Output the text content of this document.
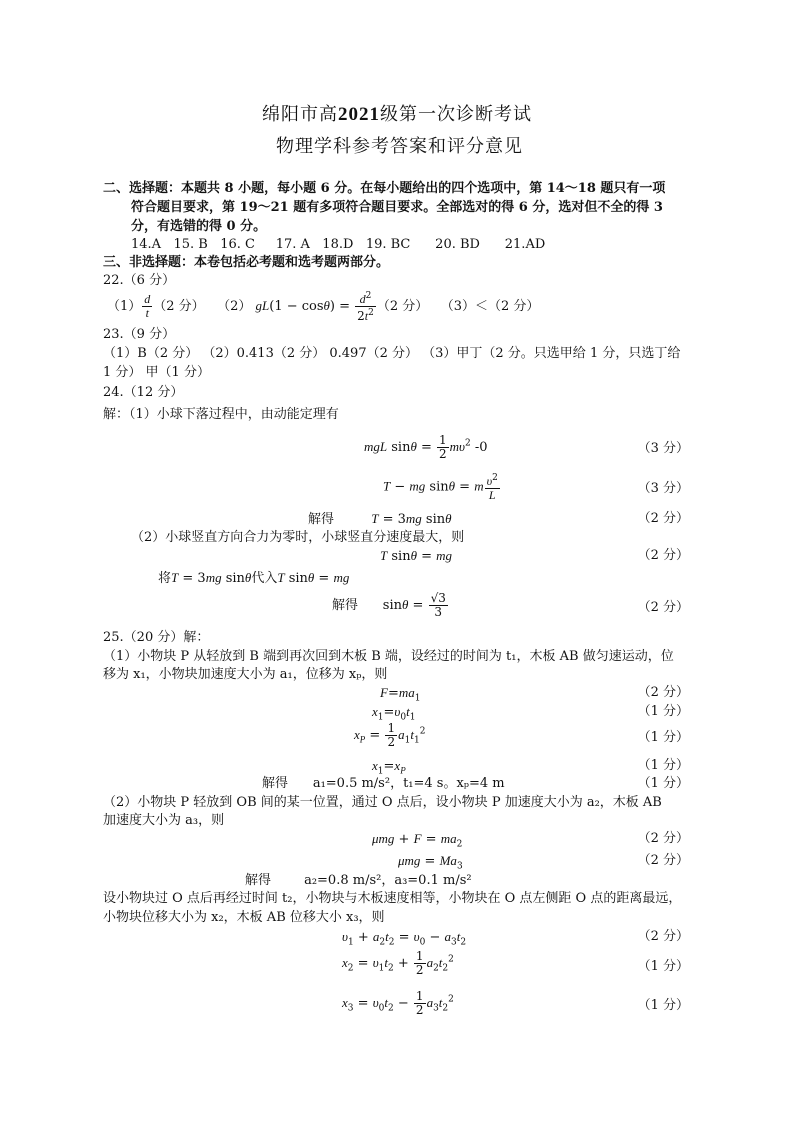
绵阳市高2021级第一次诊断考试
物理学科参考答案和评分意见
二、选择题：本题共 8 小题，每小题 6 分。在每小题给出的四个选项中，第 14～18 题只有一项
符合题目要求，第 19～21 题有多项符合题目要求。全部选对的得 6 分，选对但不全的得 3
分，有选错的得 0 分。
14.A 15. B 16. C 17. A 18.D 19. BC 20. BD 21.AD
三、非选择题：本卷包括必考题和选考题两部分。
22.（6 分）
$(1) \frac{d}{t} (2$ 分） （2） $gL(1 - \cos\theta) = \frac{d^2}{2t^2} (2$ 分） （3）＜（2 分）
23.（9 分）
（1）B（2 分） （2）0.413（2 分） 0.497（2 分） （3）甲丁（2 分。只选甲给 1 分，只选丁给
1 分） 甲（1 分）
24.（12 分）
解：（1）小球下落过程中，由动能定理有
mgL $\sin\theta = \frac{1}{2} m\upsilon^2$ -0	（3 分）
T − mg sinθ = m $\frac{\upsilon^2}{L}$	（3 分）
解得	T = 3mg sinθ	（2 分）
（2）小球竖直方向合力为零时，小球竖直分速度最大，则
T sinθ = mg	（2 分）
将T = 3mg sinθ代入T sinθ = mg
解得      $\sin\theta = \frac{√3}{3}$	（2 分）
25.（20 分）解：
（1）小物块 P 从轻放到 B 端到再次回到木板 B 端，设经过的时间为 t₁，木板 AB 做匀速运动，位
移为 x₁，小物块加速度大小为 a₁，位移为 xₚ，则
$F=ma_1$	（2 分）
$x_1=\upsilon_0t_1$	（1 分）
$x_P = \frac{1}{2} a_1t_1^2$	（1 分）
$x_1=x_P$	（1 分）
解得 a₁=0.5 m/s²，t₁=4 s。xₚ=4 m	（1 分）
（2）小物块 P 轻放到 OB 间的某一位置，通过 O 点后，设小物块 P 加速度大小为 a₂，木板 AB
加速度大小为 a₃，则
$\mu mg + F = ma_2$	（2 分）
$\mu mg = Ma_3$	（2 分）
解得	a₂=0.8 m/s²，a₃=0.1 m/s²
设小物块过 O 点后再经过时间 t₂，小物块与木板速度相等，小物块在 O 点左侧距 O 点的距离最远，
小物块位移大小为 x₂，木板 AB 位移大小 x₃，则
$\upsilon_1 + a_2t_2 = \upsilon_0 - a_3t_2$	（2 分）
$x_2 = \upsilon_1t_2 + \frac{1}{2} a_2t_2^2$	（1 分）
$x_3 = \upsilon_0t_2 - \frac{1}{2} a_3t_2^2$	（1 分）
